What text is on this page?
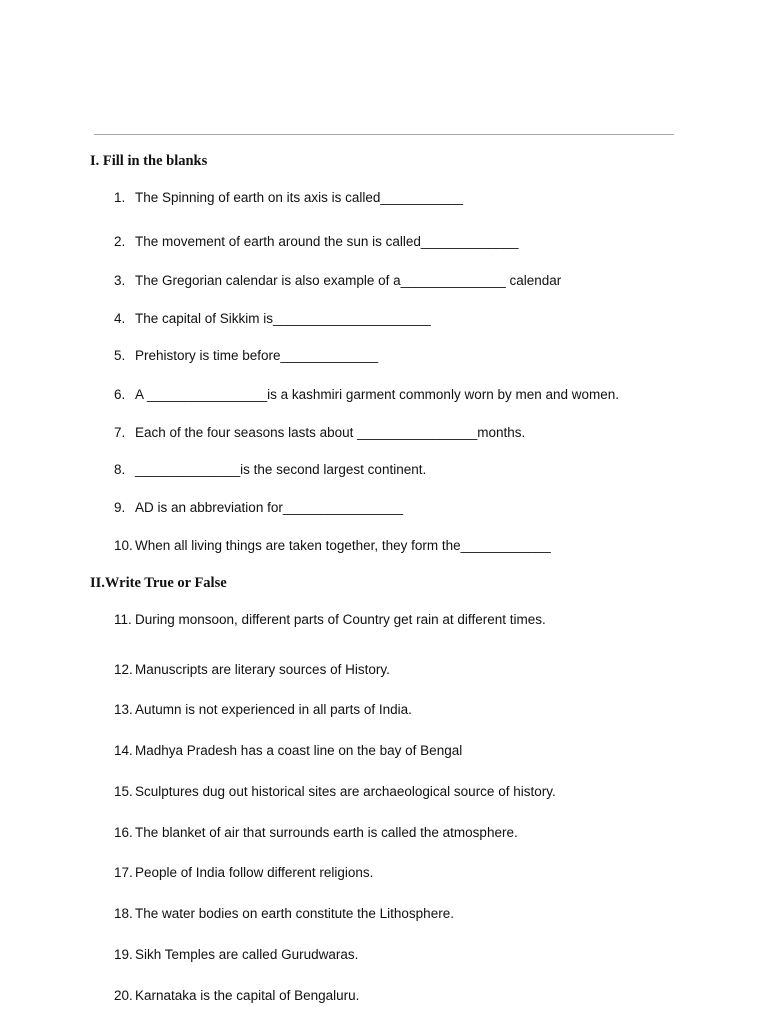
I. Fill in the blanks
1. The Spinning of earth on its axis is called___________
2. The movement of earth around the sun is called_____________
3. The Gregorian calendar is also example of a______________ calendar
4. The capital of Sikkim is_____________________
5. Prehistory is time before_____________
6. A ________________is a kashmiri garment commonly worn by men and women.
7. Each of the four seasons lasts about ________________months.
8. ______________is the second largest continent.
9. AD is an abbreviation for________________
10. When all living things are taken together, they form the____________
II.Write True or False
11. During monsoon, different parts of Country get rain at different times.
12. Manuscripts are literary sources of History.
13. Autumn is not experienced in all parts of India.
14. Madhya Pradesh has a coast line on the bay of Bengal
15. Sculptures dug out historical sites are archaeological source of history.
16. The blanket of air that surrounds earth is called the atmosphere.
17. People of India follow different religions.
18. The water bodies on earth constitute the Lithosphere.
19. Sikh Temples are called Gurudwaras.
20. Karnataka is the capital of Bengaluru.
